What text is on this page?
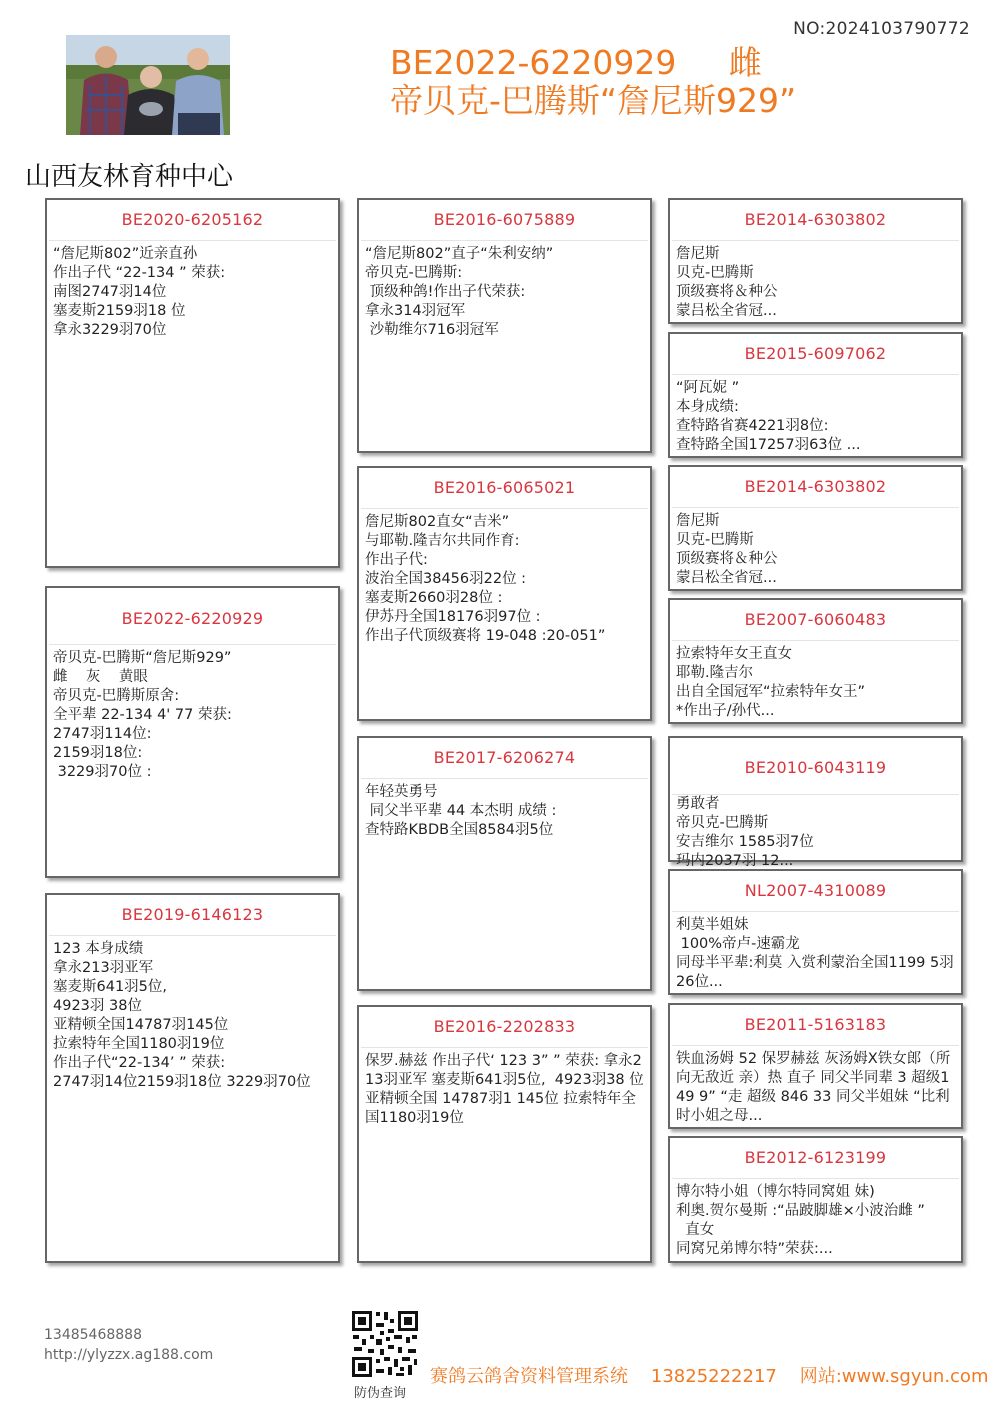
NO:2024103790772
BE2022-6220929     雌
帝贝克-巴腾斯“詹尼斯929”
山西友林育种中心
BE2020-6205162
“詹尼斯802”近亲直孙
作出子代 “22-134 ” 荣获:
南图2747羽14位
塞麦斯2159羽18 位
拿永3229羽70位
BE2022-6220929
帝贝克-巴腾斯“詹尼斯929”
雌    灰    黄眼
帝贝克-巴腾斯原舍:
全平辈 22-134 4' 77 荣获:
2747羽114位:
2159羽18位:
3229羽70位 :
BE2019-6146123
123 本身成绩
拿永213羽亚军
塞麦斯641羽5位,
4923羽 38位
亚精顿全国14787羽145位
拉索特年全国1180羽19位
作出子代“22-134’ ” 荣获:
2747羽14位2159羽18位 3229羽70位
BE2016-6075889
“詹尼斯802”直子“朱利安纳”
帝贝克-巴腾斯:
顶级种鸽!作出子代荣获:
拿永314羽冠军
沙勒维尔716羽冠军
BE2016-6065021
詹尼斯802直女“吉米”
与耶勒.隆吉尔共同作育:
作出子代:
波治全国38456羽22位 :
塞麦斯2660羽28位 :
伊苏丹全国18176羽97位 :
作出子代顶级赛将 19-048 :20-051”
BE2017-6206274
年轻英勇号
同父半平辈 44 本杰明 成绩 :
查特路KBDB全国8584羽5位
BE2016-2202833
保罗.赫兹 作出子代‘ 123 3” ” 荣获: 拿永213羽亚军 塞麦斯641羽5位,  4923羽38 位 亚精顿全国 14787羽1 145位 拉索特年全国1180羽19位
BE2014-6303802
詹尼斯
贝克-巴腾斯
顶级赛将＆种公
蒙吕松全省冠...
BE2015-6097062
“阿瓦妮 ”
本身成绩:
查特路省赛4221羽8位:
查特路全国17257羽63位 ...
BE2014-6303802
詹尼斯
贝克-巴腾斯
顶级赛将＆种公
蒙吕松全省冠...
BE2007-6060483
拉索特年女王直女
耶勒.隆吉尔
出自全国冠军“拉索特年女王”
*作出子/孙代...
BE2010-6043119
勇敢者
帝贝克-巴腾斯
安吉维尔 1585羽7位
玛内2037羽 12...
NL2007-4310089
利莫半姐妹
100%帝卢-速霸龙
同母半平辈:利莫 入赏利蒙治全国1199 5羽26位...
BE2011-5163183
铁血汤姆 52 保罗赫兹 灰汤姆X铁女郎（所向无敌近 亲）热 直子 同父半同辈 3 超级149 9” “走 超级 846 33 同父半姐妹 “比利时小姐之母...
BE2012-6123199
博尔特小姐（博尔特同窝姐 妹)
利奥.贺尔曼斯 :“品跛脚雄×小波治雌 ”
直女
同窝兄弟博尔特”荣获:...
13485468888
http://ylyzzx.ag188.com
防伪查询
赛鸽云鸽舍资料管理系统    13825222217    网站:www.sgyun.com
